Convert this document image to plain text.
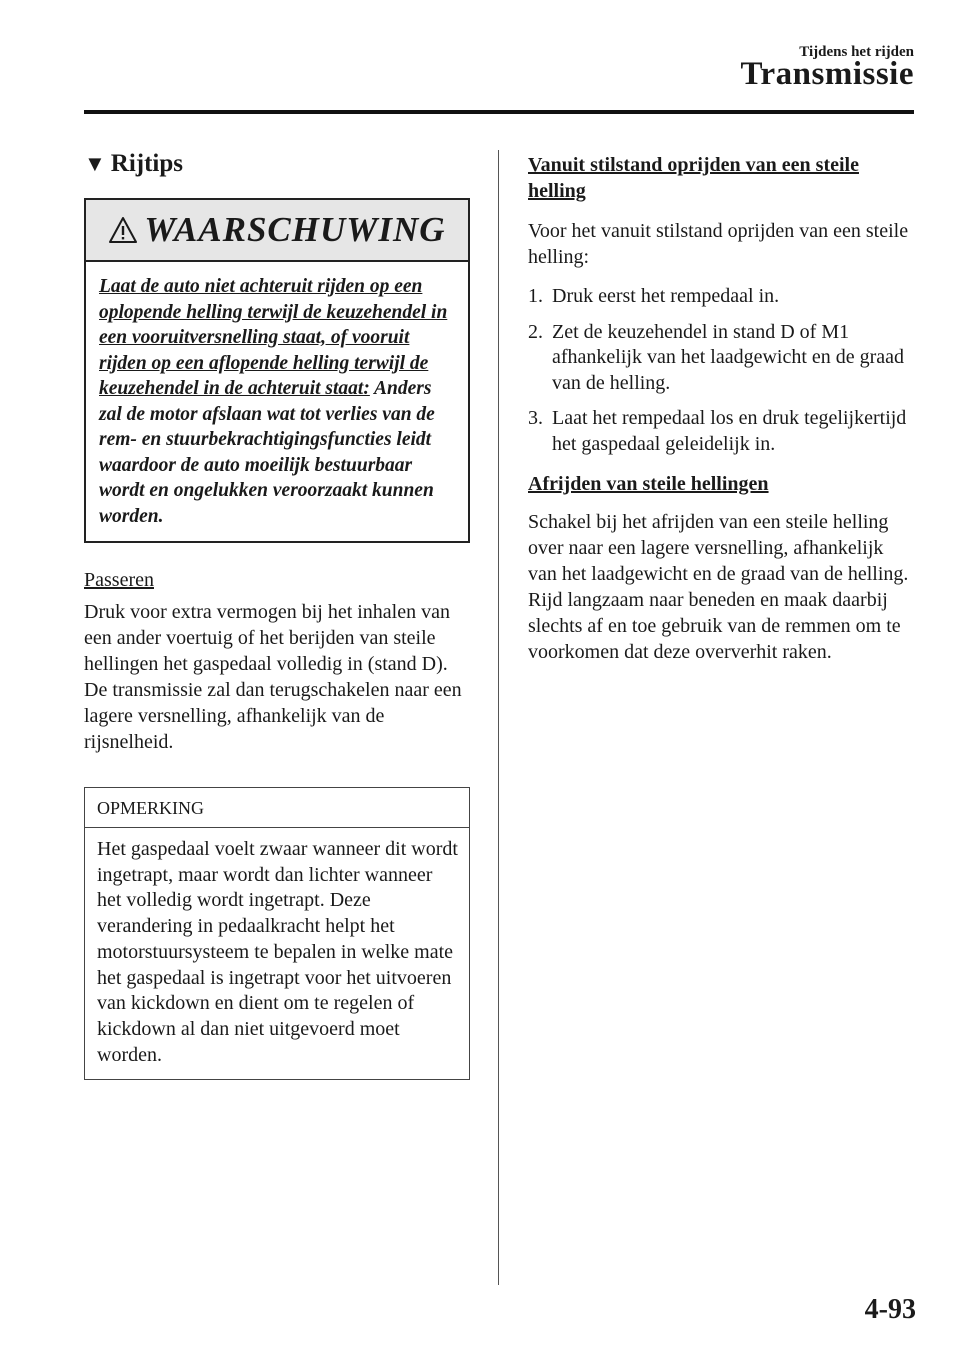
Tijdens het rijden
Transmissie
▼ Rijtips
WAARSCHUWING
Laat de auto niet achteruit rijden op een oplopende helling terwijl de keuzehendel in een vooruitversnelling staat, of vooruit rijden op een aflopende helling terwijl de keuzehendel in de achteruit staat: Anders zal de motor afslaan wat tot verlies van de rem- en stuurbekrachtigingsfuncties leidt waardoor de auto moeilijk bestuurbaar wordt en ongelukken veroorzaakt kunnen worden.
Passeren
Druk voor extra vermogen bij het inhalen van een ander voertuig of het berijden van steile hellingen het gaspedaal volledig in (stand D). De transmissie zal dan terugschakelen naar een lagere versnelling, afhankelijk van de rijsnelheid.
OPMERKING
Het gaspedaal voelt zwaar wanneer dit wordt ingetrapt, maar wordt dan lichter wanneer het volledig wordt ingetrapt. Deze verandering in pedaalkracht helpt het motorstuursysteem te bepalen in welke mate het gaspedaal is ingetrapt voor het uitvoeren van kickdown en dient om te regelen of kickdown al dan niet uitgevoerd moet worden.
Vanuit stilstand oprijden van een steile helling
Voor het vanuit stilstand oprijden van een steile helling:
1. Druk eerst het rempedaal in.
2. Zet de keuzehendel in stand D of M1 afhankelijk van het laadgewicht en de graad van de helling.
3. Laat het rempedaal los en druk tegelijkertijd het gaspedaal geleidelijk in.
Afrijden van steile hellingen
Schakel bij het afrijden van een steile helling over naar een lagere versnelling, afhankelijk van het laadgewicht en de graad van de helling. Rijd langzaam naar beneden en maak daarbij slechts af en toe gebruik van de remmen om te voorkomen dat deze oververhit raken.
4-93
